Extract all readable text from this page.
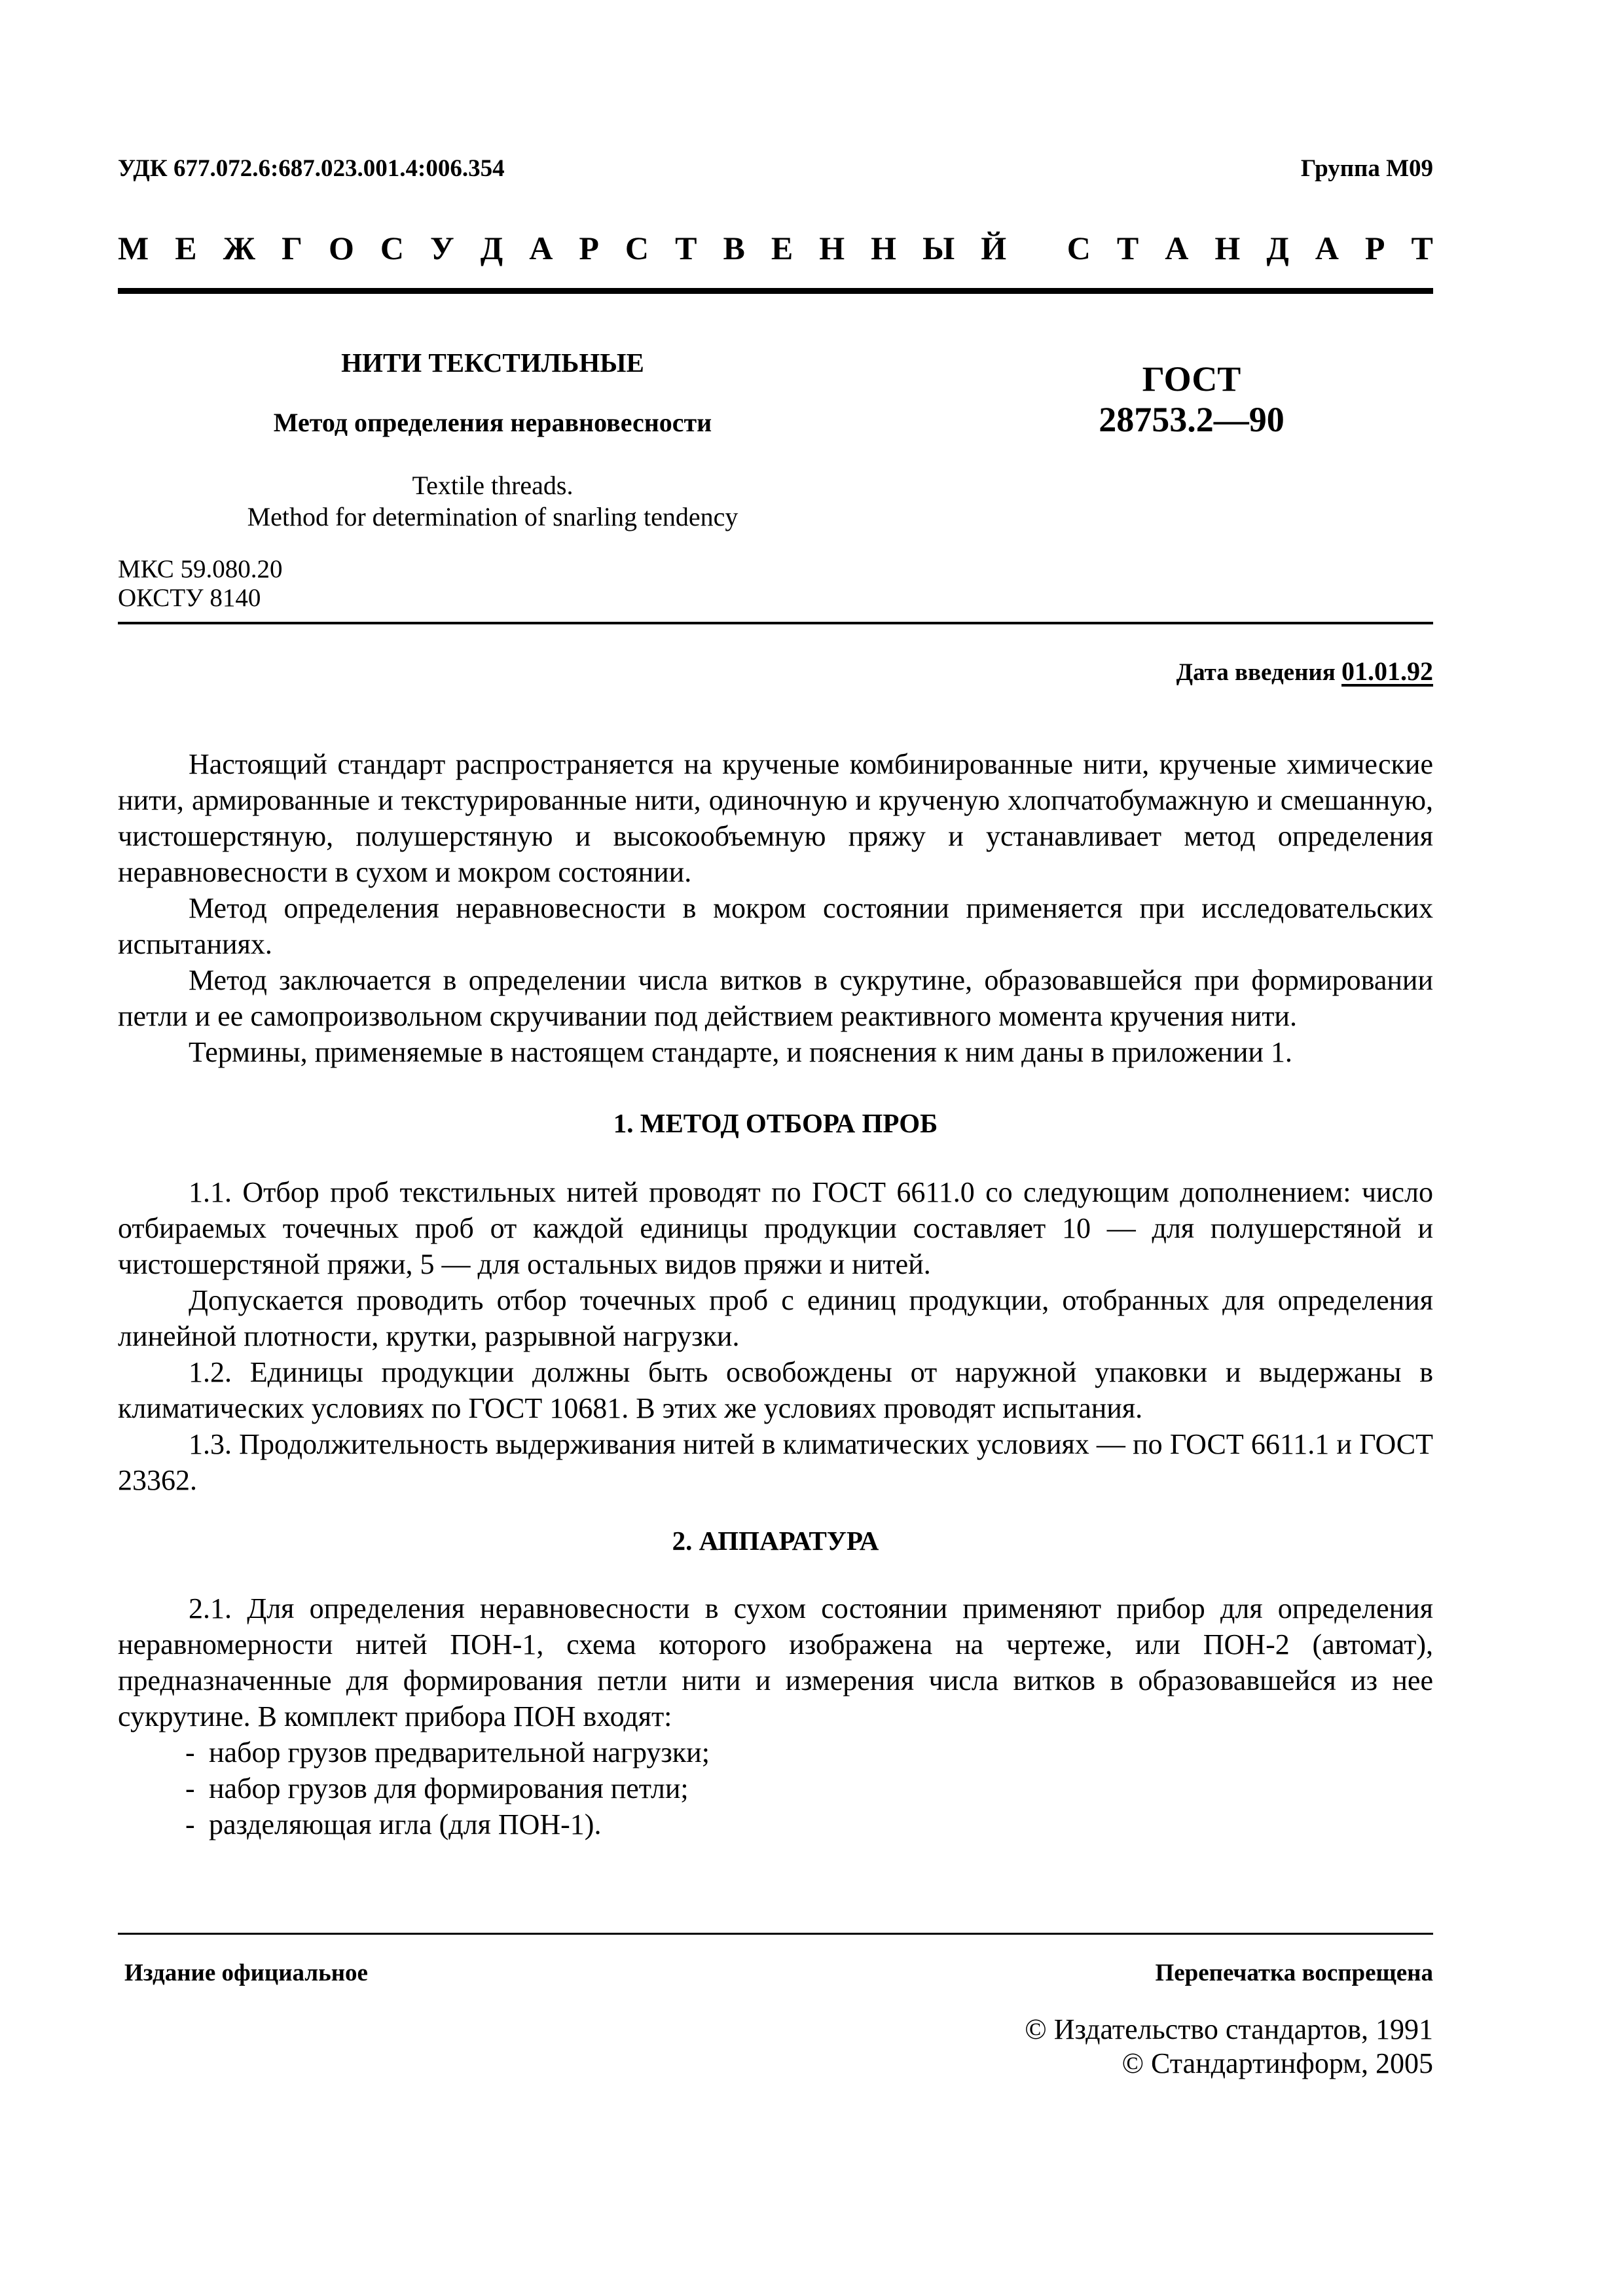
УДК 677.072.6:687.023.001.4:006.354	Группа М09
М Е Ж Г О С У Д А Р С Т В Е Н Н Ы Й
С Т А Н Д А Р Т
НИТИ ТЕКСТИЛЬНЫЕ
Метод определения неравновесности
Textile threads.
Method for determination of snarling tendency
ГОСТ
28753.2—90
МКС 59.080.20
ОКСТУ 8140
Дата введения 01.01.92

Настоящий стандарт распространяется на крученые комбинированные нити, крученые химические нити, армированные и текстурированные нити, одиночную и крученую хлопчатобумажную и смешанную, чистошерстяную, полушерстяную и высокообъемную пряжу и устанавливает метод определения неравновесности в сухом и мокром состоянии.

Метод определения неравновесности в мокром состоянии применяется при исследовательских испытаниях.

Метод заключается в определении числа витков в сукрутине, образовавшейся при формировании петли и ее самопроизвольном скручивании под действием реактивного момента кручения нити.

Термины, применяемые в настоящем стандарте, и пояснения к ним даны в приложении 1.

1. МЕТОД ОТБОРА ПРОБ

1.1. Отбор проб текстильных нитей проводят по ГОСТ 6611.0 со следующим дополнением: число отбираемых точечных проб от каждой единицы продукции составляет 10 — для полушерстяной и чистошерстяной пряжи, 5 — для остальных видов пряжи и нитей.

Допускается проводить отбор точечных проб с единиц продукции, отобранных для определения линейной плотности, крутки, разрывной нагрузки.

1.2. Единицы продукции должны быть освобождены от наружной упаковки и выдержаны в климатических условиях по ГОСТ 10681. В этих же условиях проводят испытания.

1.3. Продолжительность выдерживания нитей в климатических условиях — по ГОСТ 6611.1 и ГОСТ 23362.

2. АППАРАТУРА

2.1. Для определения неравновесности в сухом состоянии применяют прибор для определения неравномерности нитей ПОН-1, схема которого изображена на чертеже, или ПОН-2 (автомат), предназначенные для формирования петли нити и измерения числа витков в образовавшейся из нее сукрутине. В комплект прибора ПОН входят:

- набор грузов предварительной нагрузки;
- набор грузов для формирования петли;
- разделяющая игла (для ПОН-1).
Издание официальное	Перепечатка воспрещена
© Издательство стандартов, 1991
© Стандартинформ, 2005
